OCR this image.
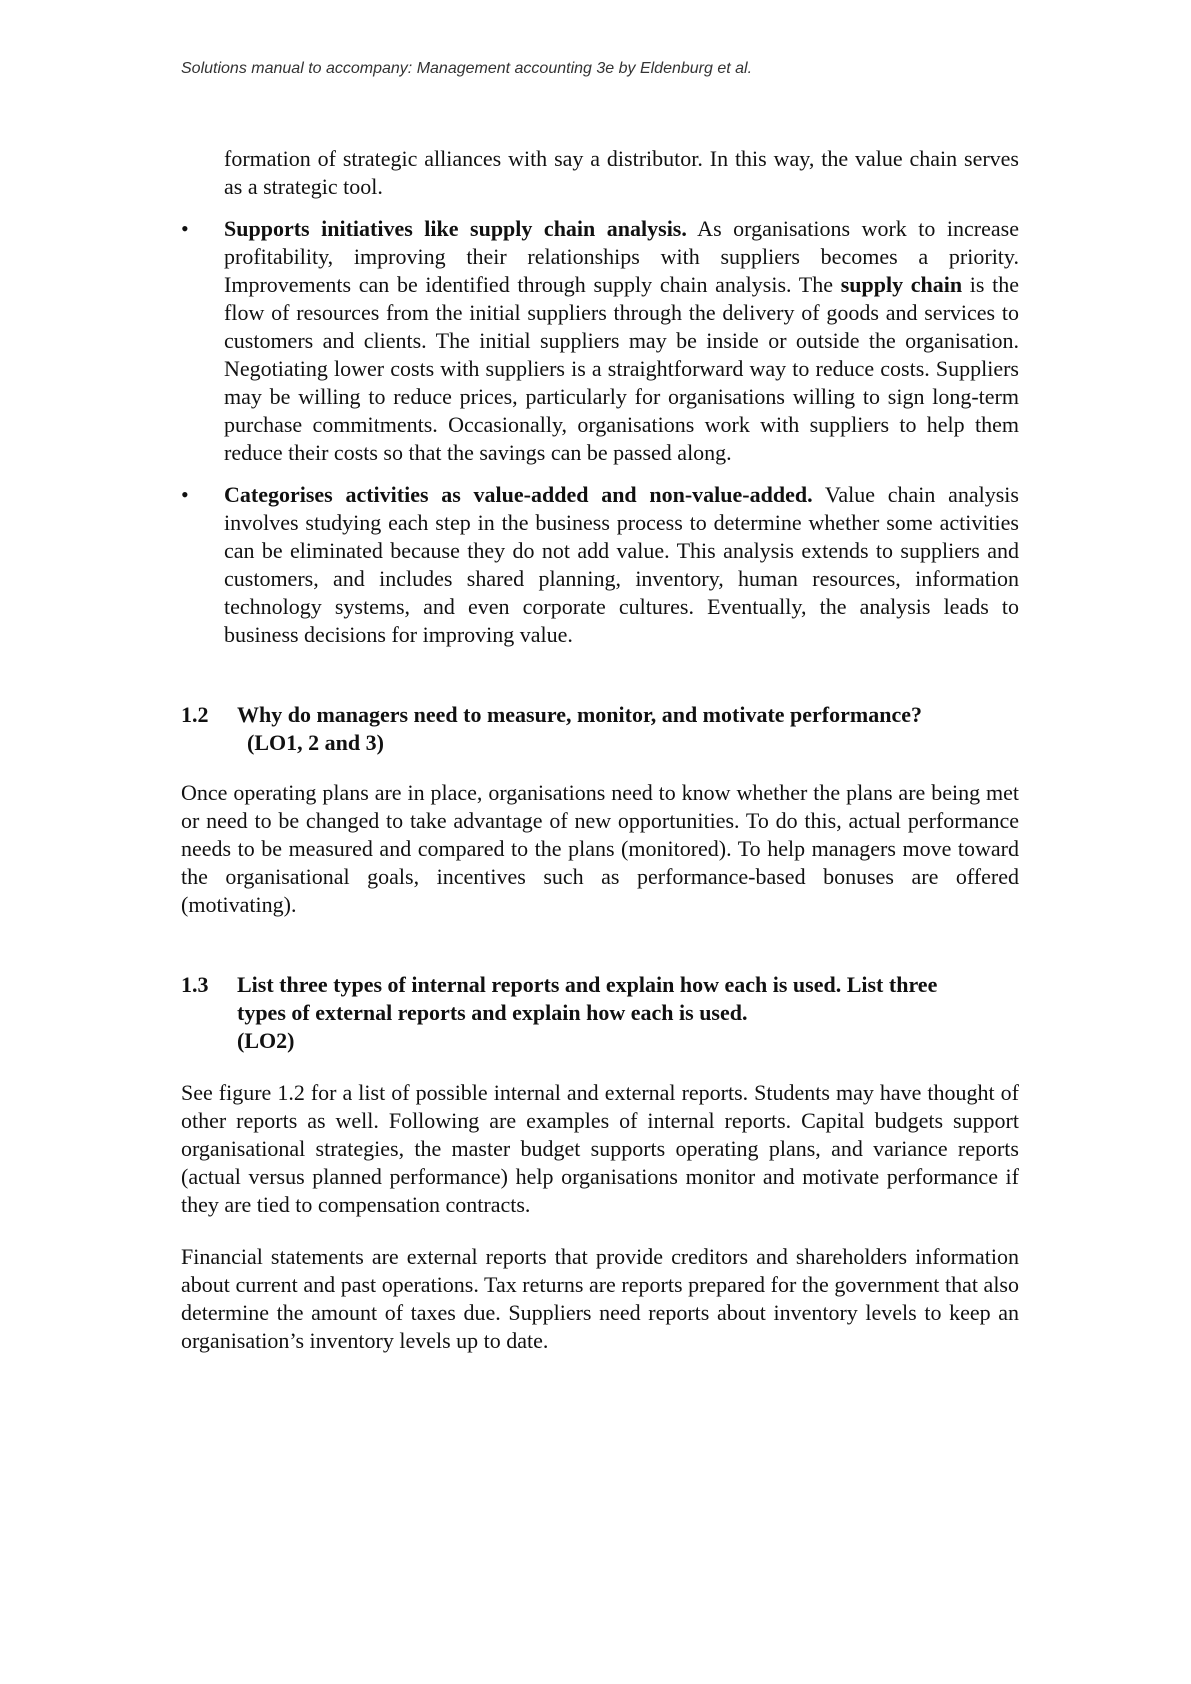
Solutions manual to accompany: Management accounting 3e by Eldenburg et al.

formation of strategic alliances with say a distributor. In this way, the value chain serves as a strategic tool.

•	Supports initiatives like supply chain analysis. As organisations work to increase profitability, improving their relationships with suppliers becomes a priority. Improvements can be identified through supply chain analysis. The supply chain is the flow of resources from the initial suppliers through the delivery of goods and services to customers and clients. The initial suppliers may be inside or outside the organisation. Negotiating lower costs with suppliers is a straightforward way to reduce costs. Suppliers may be willing to reduce prices, particularly for organisations willing to sign long-term purchase commitments. Occasionally, organisations work with suppliers to help them reduce their costs so that the savings can be passed along.
•	Categorises activities as value-added and non-value-added. Value chain analysis involves studying each step in the business process to determine whether some activities can be eliminated because they do not add value. This analysis extends to suppliers and customers, and includes shared planning, inventory, human resources, information technology systems, and even corporate cultures. Eventually, the analysis leads to business decisions for improving value.
1.2 Why do managers need to measure, monitor, and motivate performance?
(LO1, 2 and 3)

Once operating plans are in place, organisations need to know whether the plans are being met or need to be changed to take advantage of new opportunities. To do this, actual performance needs to be measured and compared to the plans (monitored). To help managers move toward the organisational goals, incentives such as performance-based bonuses are offered (motivating).

1.3 List three types of internal reports and explain how each is used. List three
types of external reports and explain how each is used.
(LO2)

See figure 1.2 for a list of possible internal and external reports. Students may have thought of other reports as well. Following are examples of internal reports. Capital budgets support organisational strategies, the master budget supports operating plans, and variance reports (actual versus planned performance) help organisations monitor and motivate performance if they are tied to compensation contracts.

Financial statements are external reports that provide creditors and shareholders information about current and past operations. Tax returns are reports prepared for the government that also determine the amount of taxes due. Suppliers need reports about inventory levels to keep an organisation’s inventory levels up to date.
